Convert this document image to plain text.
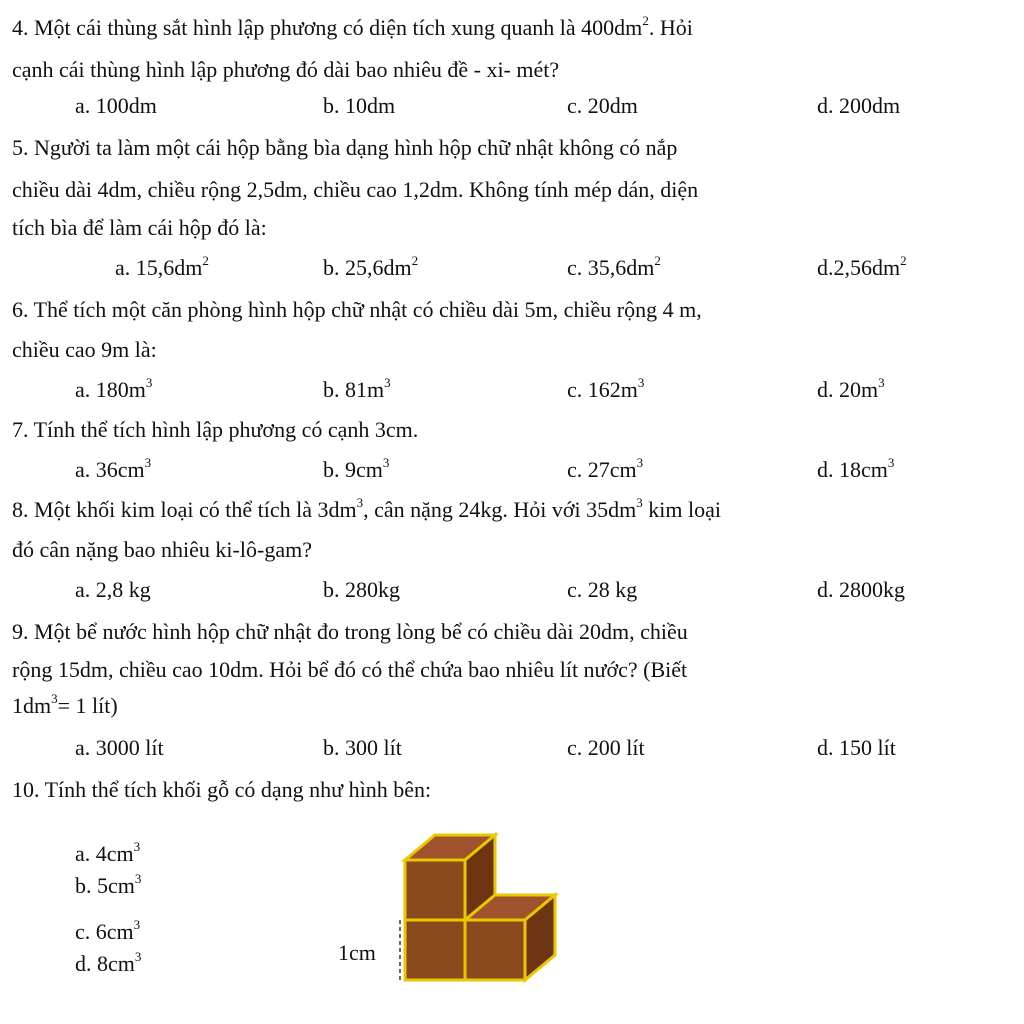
4. Một cái thùng sắt hình lập phương có diện tích xung quanh là $400dm^2$. Hỏi
cạnh cái thùng hình lập phương đó dài bao nhiêu đề - xi- mét?
a. 100dm	b. 10dm	c. 20dm	d. 200dm
5. Người ta làm một cái hộp bằng bìa dạng hình hộp chữ nhật không có nắp
chiều dài 4dm, chiều rộng 2,5dm, chiều cao 1,2dm. Không tính mép dán, diện
tích bìa để làm cái hộp đó là:
a. $15,6dm^2$	b. $25,6dm^2$	c. $35,6dm^2$	$d.2,56dm^2$
6. Thể tích một căn phòng hình hộp chữ nhật có chiều dài 5m, chiều rộng 4 m,
chiều cao 9m là:
a. $180m^3$	b. $81m^3$	c. $162m^3$	d. $20m^3$
7. Tính thể tích hình lập phương có cạnh 3cm.
a. $36cm^3$	b. $9cm^3$	c. $27cm^3$	d. $18cm^3$
8. Một khối kim loại có thể tích là $3dm^3$, cân nặng 24kg. Hỏi với $35dm^3$ kim loại
đó cân nặng bao nhiêu ki-lô-gam?
a. 2,8 kg	b. 280kg	c. 28 kg	d. 2800kg
9. Một bể nước hình hộp chữ nhật đo trong lòng bể có chiều dài 20dm, chiều
rộng 15dm, chiều cao 10dm. Hỏi bể đó có thể chứa bao nhiêu lít nước? (Biết
$1dm^3= 1$ lít)
a. 3000 lít	b. 300 lít	c. 200 lít	d. 150 lít
10. Tính thể tích khối gỗ có dạng như hình bên:
a. $4cm^3$
b. $5cm^3$
c. $6cm^3$
d. $8cm^3$	1cm
